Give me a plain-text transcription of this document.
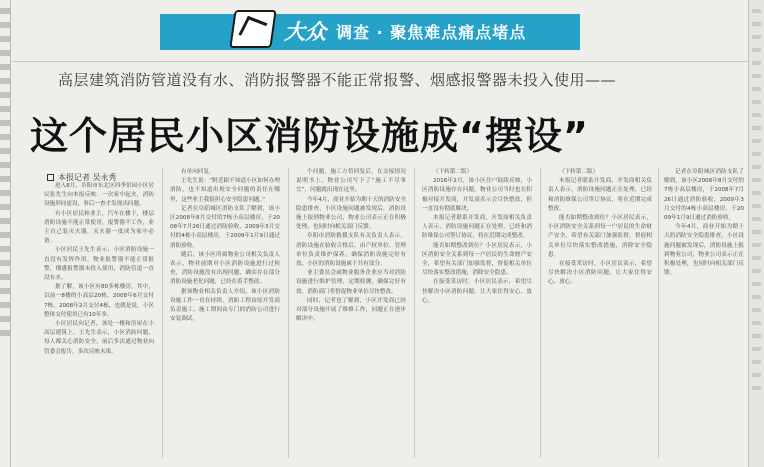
大众 调查 · 聚焦难点痛点堵点
高层建筑消防管道没有水、消防报警器不能正常报警、烟感报警器未投入使用——
这个居民小区消防设施成“摆设”
本报记者 吴永秀

进入8月，阜阳市东北区四季景园小区居民张先生向本报反映：一次家中起火，消防设施形同虚设，事后一查才发现出问题。

有小区居民和业主，汽车在楼下，楼层消防设施不能正常使用，报警器不工作，业主自己装灭火器，灭火器一度成为家中必备。

小区居民王先生表示，小区消防设施一直没有发挥作用。物业报警器不能正常报警，烟感报警器未投入使用，消防管道一直没有水。

据了解，该小区有80多栋楼房，其中，以前一8楼的小高层20栋，2008年6月交付7栋，2008年2月交付4栋，也就是说，小区整体交付使用已有10年多。

小区居民向记者，该处一楼和房屋在小高层建筑上，王先生表示，小区消防问题，每人都关心消防安全，前后多次通过物业向管委会报告，多次反映未果。

有单向回复。

王先生说：“附近跟不知道小区如何办理消防，也不知道出现安全问题的责任在哪里，这些业主我很担心安全隐患问题。”

记者在阜阳城区消防支队了解到，该小区2008年8月交付的7栋小高层楼房，于2008年7月26日通过消防验收，2009年3月交付的4栋小高层楼房，于2009年1月9日通过消防验收。

随后，该小区所属物业公司相关负责人表示，物业前期对小区消防设施进行过检查，消防设施没有出现问题，确实存在部分消防设施老化问题，已经在着手整改。

据该物业相关负责人介绍，该小区消防设施工作一直在持续，消防工程由原开发商负责施工，施工期间由专门的消防公司进行安装调试。

个问题，施工方将回复后，在交接情况说明书上，物业公司写下了“施工不尽事宜”，问题就出现在这里。

今年4月，商业开始为期十天的消防安全隐患排查，小区设施问题被发现后，消防设施上报到物业公司，物业公司表示正在积极处理，也同时向相关部门反馈。

阜阳市消防救援支队有关负责人表示，消防设施在验收合格后，由产权单位、管理单位负责维护保养，确保消防设施完好有效，小区的消防设施属于共有部分。

业主委员会或物业服务企业应当对消防设施进行维护管理，定期检测，确保完好有效。消防部门将督促物业单位尽快整改。

同时，记者也了解到，小区开发商已经对部分设施开展了维修工作，问题正在逐步解决中。

（下转第二版）

2016年2月，该小区住户陆续反映，小区消防设施存在问题，物业公司当时也在积极对接开发商，开发商表示会尽快整改，但一直没有彻底解决。

本报记者联系开发商，开发商相关负责人表示，消防设施问题正在处理，已经和消防维保公司签订协议，将在近期完成整改。

能否如期整改到位？小区居民表示，小区消防安全关系到每一户居民的生命财产安全，希望有关部门加强监督，督促相关单位尽快落实整改措施，消除安全隐患。

在接受采访时，小区居民表示，希望尽快解决小区消防问题，让大家住得安心、放心。

（下转第二版）

本报记者联系开发商，开发商相关负责人表示，消防设施问题正在处理，已经和消防维保公司签订协议，将在近期完成整改。

能否如期整改到位？小区居民表示，小区消防安全关系到每一户居民的生命财产安全，希望有关部门加强监督，督促相关单位尽快落实整改措施，消除安全隐患。

在接受采访时，小区居民表示，希望尽快解决小区消防问题，让大家住得安心、放心。

记者在阜阳城区消防支队了解到，该小区2008年8月交付的7栋小高层楼房，于2008年7月26日通过消防验收，2009年3月交付的4栋小高层楼房，于2009年1月9日通过消防验收。

今年4月，商业开始为期十天的消防安全隐患排查，小区设施问题被发现后，消防设施上报到物业公司，物业公司表示正在积极处理，也同时向相关部门反馈。
